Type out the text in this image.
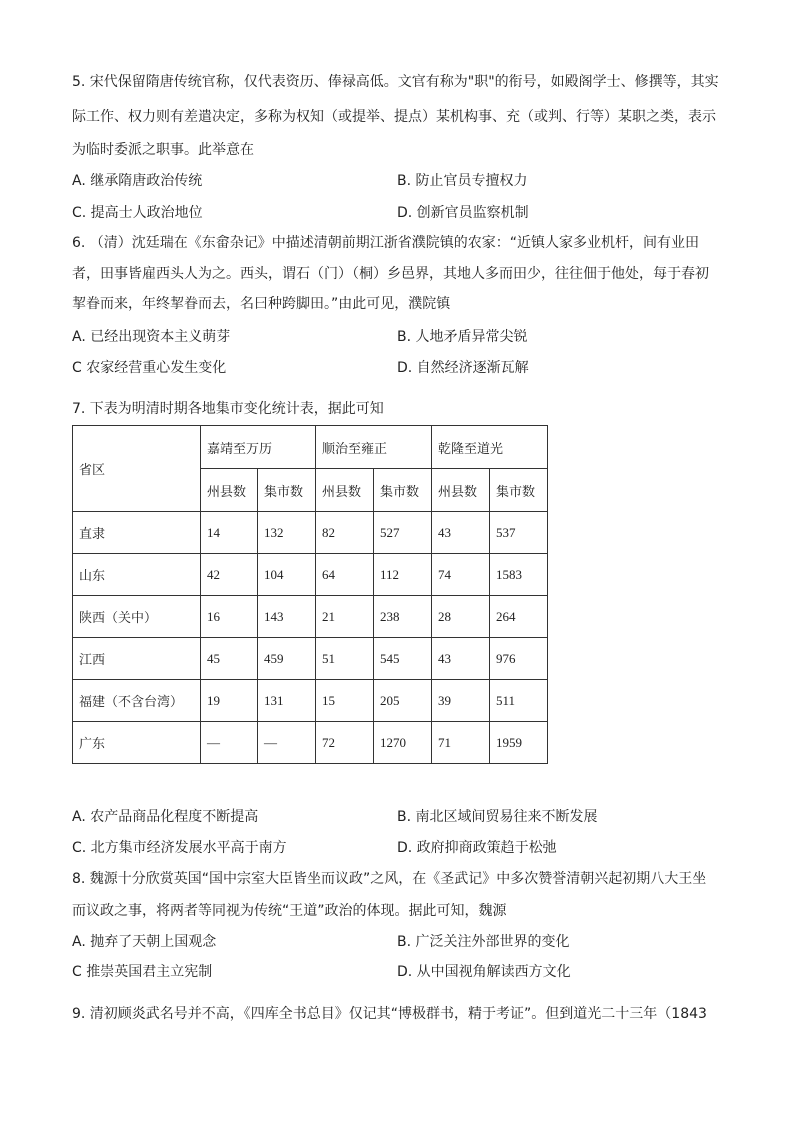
5. 宋代保留隋唐传统官称，仅代表资历、俸禄高低。文官有称为"职"的衔号，如殿阁学士、修撰等，其实
际工作、权力则有差遣决定，多称为权知（或提举、提点）某机构事、充（或判、行等）某职之类，表示
为临时委派之职事。此举意在
A. 继承隋唐政治传统	B. 防止官员专擅权力
C. 提高士人政治地位	D. 创新官员监察机制
6. （清）沈廷瑞在《东畲杂记》中描述清朝前期江浙省濮院镇的农家：“近镇人家多业机杆，间有业田
者，田事皆雇西头人为之。西头，谓石（门）（桐）乡邑界，其地人多而田少，往往佃于他处，每于春初
挈眷而来，年终挈眷而去，名曰种跨脚田。”由此可见，濮院镇
A. 已经出现资本主义萌芽	B. 人地矛盾异常尖锐
C 农家经营重心发生变化	D. 自然经济逐渐瓦解
7. 下表为明清时期各地集市变化统计表，据此可知
省区	嘉靖至万历		顺治至雍正		乾隆至道光	
	州县数	集市数	州县数	集市数	州县数	集市数
直隶	14	132	82	527	43	537
山东	42	104	64	112	74	1583
陕西（关中）	16	143	21	238	28	264
江西	45	459	51	545	43	976
福建（不含台湾）	19	131	15	205	39	511
广东	—	—	72	1270	71	1959
A. 农产品商品化程度不断提高	B. 南北区域间贸易往来不断发展
C. 北方集市经济发展水平高于南方	D. 政府抑商政策趋于松弛
8. 魏源十分欣赏英国“国中宗室大臣皆坐而议政”之风，在《圣武记》中多次赞誉清朝兴起初期八大王坐
而议政之事，将两者等同视为传统“王道”政治的体现。据此可知，魏源
A. 抛弃了天朝上国观念	B. 广泛关注外部世界的变化
C 推崇英国君主立宪制	D. 从中国视角解读西方文化
9. 清初顾炎武名号并不高，《四库全书总目》仅记其“博极群书，精于考证”。但到道光二十三年（1843
